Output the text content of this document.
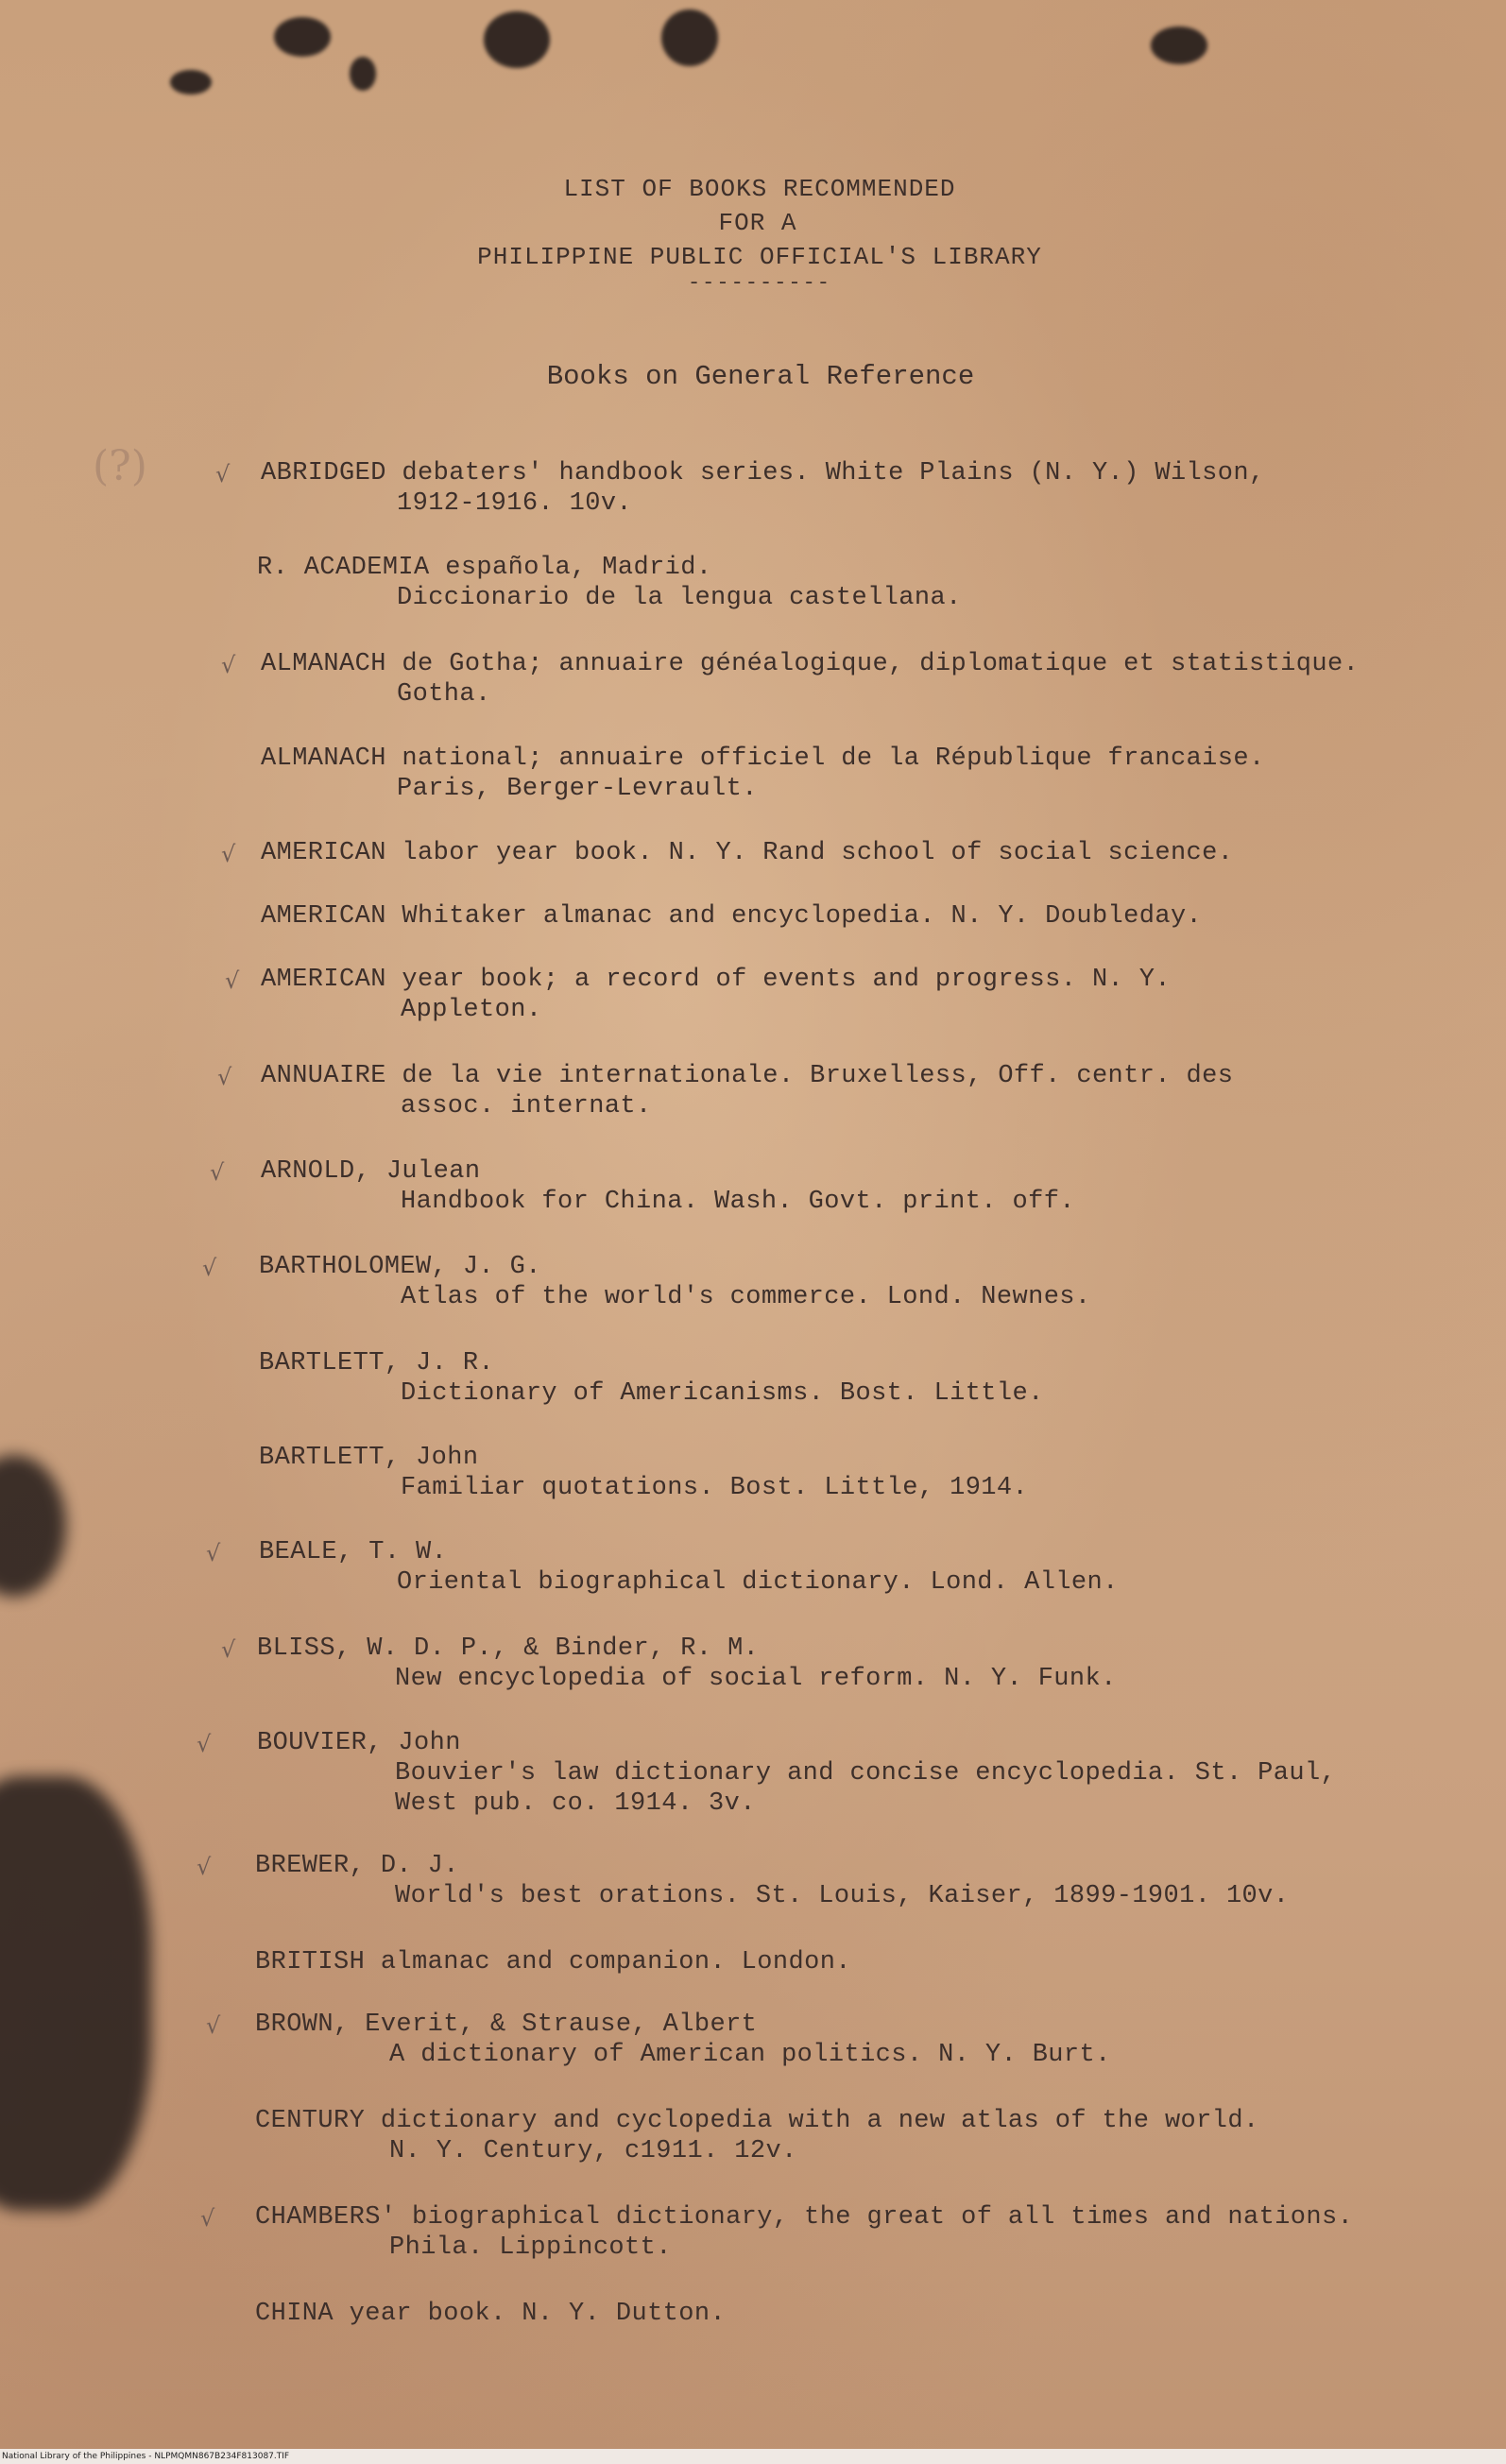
LIST OF BOOKS RECOMMENDED

FOR A

PHILIPPINE PUBLIC OFFICIAL'S LIBRARY

----------

Books on General Reference

(?)	√ ABRIDGED debaters' handbook series. White Plains (N. Y.) Wilson,
1912-1916. 10v.
R. ACADEMIA española, Madrid.
Diccionario de la lengua castellana.
√ ALMANACH de Gotha; annuaire généalogique, diplomatique et statistique.
Gotha.
ALMANACH national; annuaire officiel de la République francaise.
Paris, Berger-Levrault.
√ AMERICAN labor year book. N. Y. Rand school of social science.
AMERICAN Whitaker almanac and encyclopedia. N. Y. Doubleday.
√ AMERICAN year book; a record of events and progress. N. Y.
Appleton.
√ ANNUAIRE de la vie internationale. Bruxelless, Off. centr. des
assoc. internat.
√ ARNOLD, Julean
Handbook for China. Wash. Govt. print. off.
√ BARTHOLOMEW, J. G.
Atlas of the world's commerce. Lond. Newnes.
BARTLETT, J. R.
Dictionary of Americanisms. Bost. Little.
BARTLETT, John
Familiar quotations. Bost. Little, 1914.
√ BEALE, T. W.
Oriental biographical dictionary. Lond. Allen.
√ BLISS, W. D. P., & Binder, R. M.
New encyclopedia of social reform. N. Y. Funk.
√ BOUVIER, John
Bouvier's law dictionary and concise encyclopedia. St. Paul,
West pub. co. 1914. 3v.
√ BREWER, D. J.
World's best orations. St. Louis, Kaiser, 1899-1901. 10v.
BRITISH almanac and companion. London.
√ BROWN, Everit, & Strause, Albert
A dictionary of American politics. N. Y. Burt.
CENTURY dictionary and cyclopedia with a new atlas of the world.
N. Y. Century, c1911. 12v.
√ CHAMBERS' biographical dictionary, the great of all times and nations.
Phila. Lippincott.
CHINA year book. N. Y. Dutton.
National Library of the Philippines - NLPMQMN867B234F813087.TIF
